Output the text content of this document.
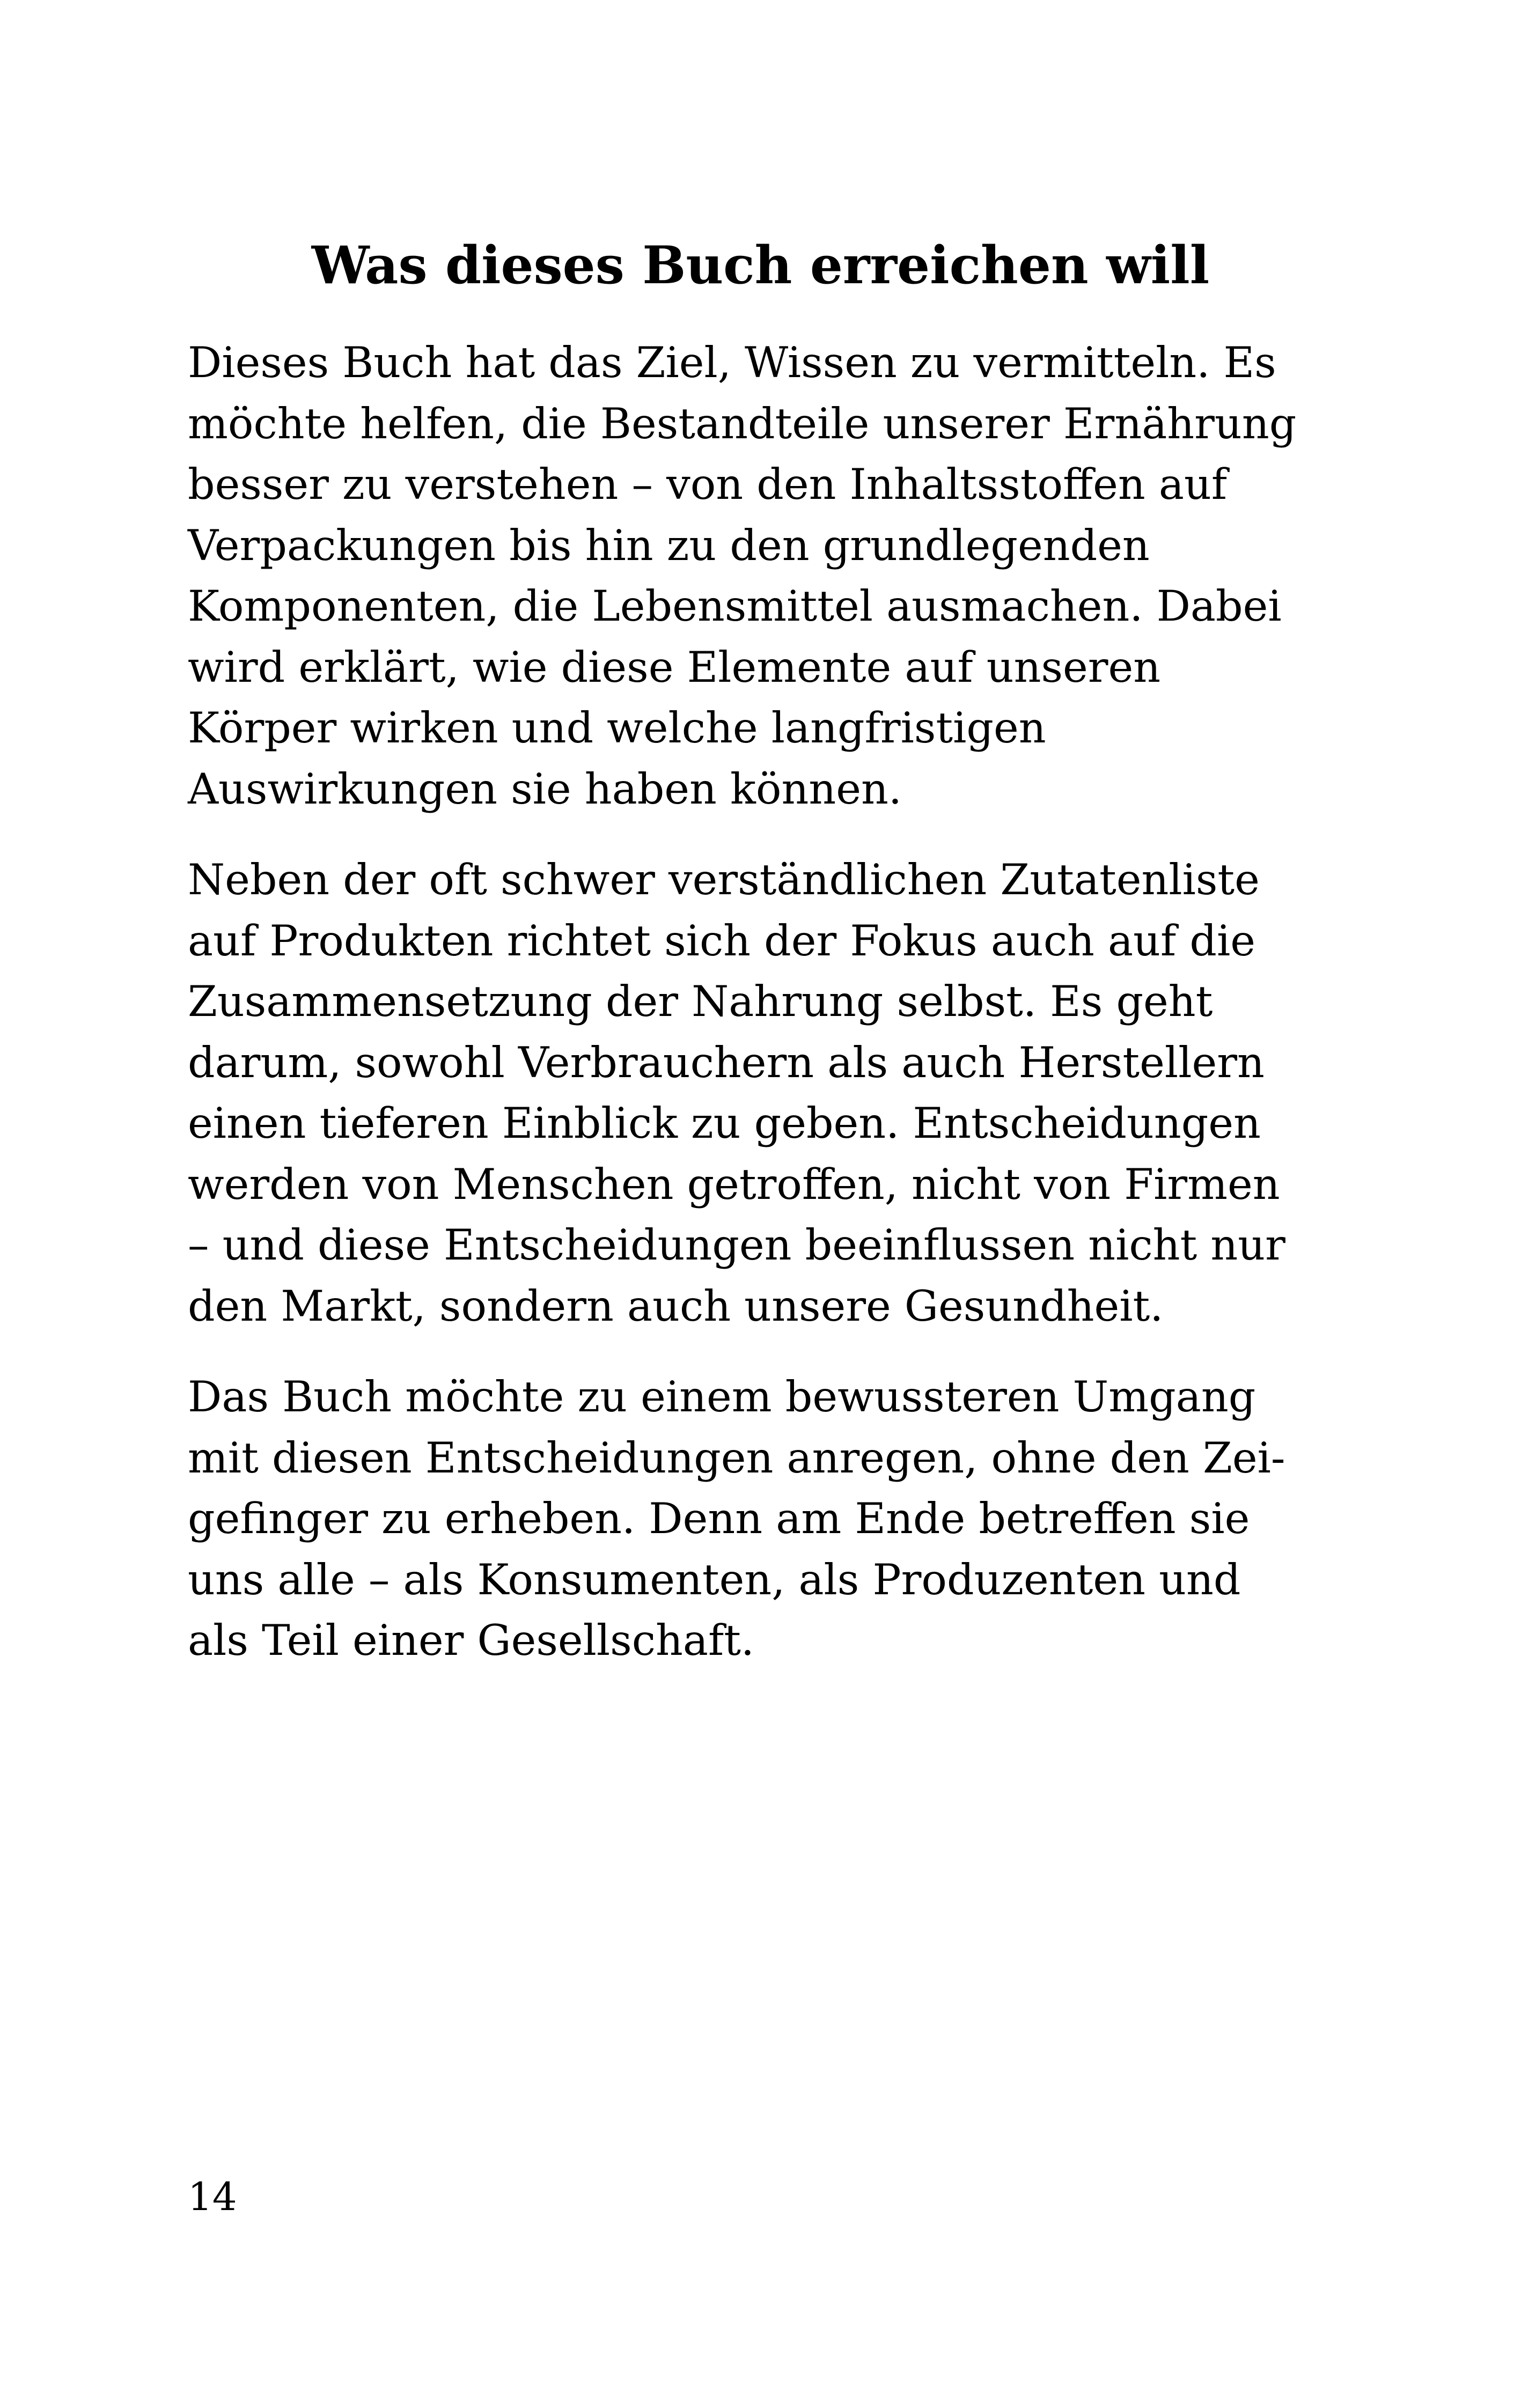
Was dieses Buch erreichen will

Dieses Buch hat das Ziel, Wissen zu vermitteln. Es
möchte helfen, die Bestandteile unserer Ernährung
besser zu verstehen – von den Inhaltsstoffen auf
Verpackungen bis hin zu den grundlegenden
Komponenten, die Lebensmittel ausmachen. Dabei
wird erklärt, wie diese Elemente auf unseren
Körper wirken und welche langfristigen
Auswirkungen sie haben können.

Neben der oft schwer verständlichen Zutatenliste
auf Produkten richtet sich der Fokus auch auf die
Zusammensetzung der Nahrung selbst. Es geht
darum, sowohl Verbrauchern als auch Herstellern
einen tieferen Einblick zu geben. Entscheidungen
werden von Menschen getroffen, nicht von Firmen
– und diese Entscheidungen beeinflussen nicht nur
den Markt, sondern auch unsere Gesundheit.

Das Buch möchte zu einem bewussteren Umgang
mit diesen Entscheidungen anregen, ohne den Zei-
gefinger zu erheben. Denn am Ende betreffen sie
uns alle – als Konsumenten, als Produzenten und
als Teil einer Gesellschaft.

14
